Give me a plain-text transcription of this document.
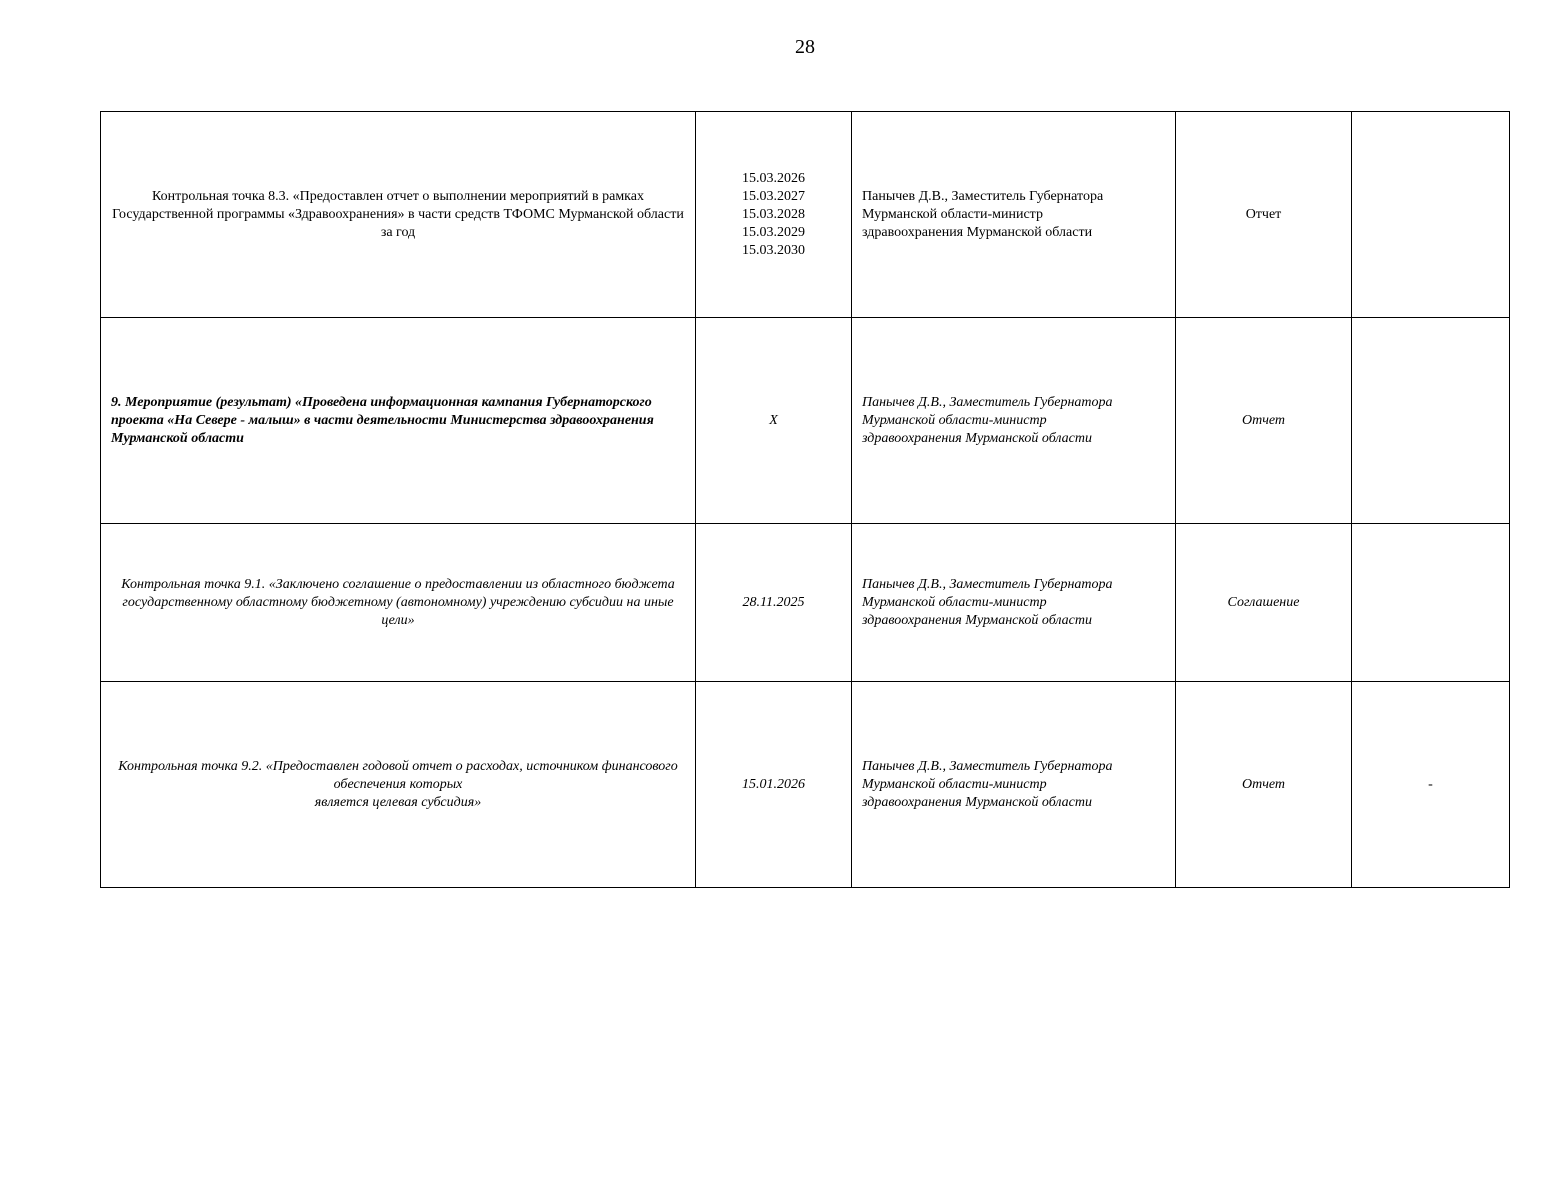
28
Контрольная точка 8.3. «Предоставлен отчет о выполнении мероприятий в рамках Государственной программы «Здравоохранения» в части средств ТФОМС Мурманской области за год	15.03.2026
15.03.2027
15.03.2028
15.03.2029
15.03.2030	Панычев Д.В., Заместитель Губернатора
Мурманской области-министр
здравоохранения Мурманской области	Отчет	
9. Мероприятие (результат) «Проведена информационная кампания Губернаторского проекта «На Севере - малыш» в части деятельности Министерства здравоохранения Мурманской области	X	Панычев Д.В., Заместитель Губернатора
Мурманской области-министр
здравоохранения Мурманской области	Отчет	
Контрольная точка 9.1. «Заключено соглашение о предоставлении из областного бюджета государственному областному бюджетному (автономному) учреждению субсидии на иные цели»	28.11.2025	Панычев Д.В., Заместитель Губернатора
Мурманской области-министр
здравоохранения Мурманской области	Соглашение	
Контрольная точка 9.2. «Предоставлен годовой отчет о расходах, источником финансового обеспечения которых
является целевая субсидия»	15.01.2026	Панычев Д.В., Заместитель Губернатора
Мурманской области-министр
здравоохранения Мурманской области	Отчет	-
